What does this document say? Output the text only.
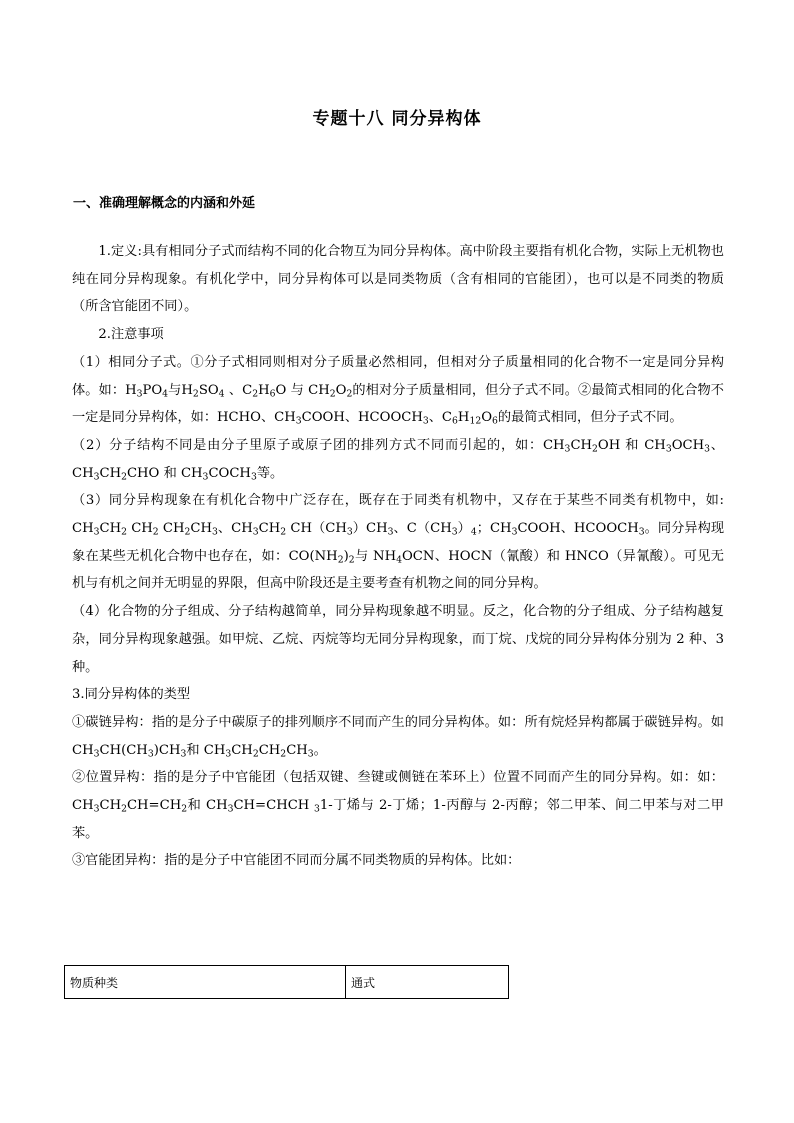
专题十八 同分异构体
一、准确理解概念的内涵和外延

1.定义:具有相同分子式而结构不同的化合物互为同分异构体。高中阶段主要指有机化合物，实际上无机物也纯在同分异构现象。有机化学中，同分异构体可以是同类物质（含有相同的官能团），也可以是不同类的物质（所含官能团不同）。

2.注意事项

（1）相同分子式。①分子式相同则相对分子质量必然相同，但相对分子质量相同的化合物不一定是同分异构体。如：$H_3PO_4$与$H_2SO_4$ 、$C_2H_6O$ 与 $CH_2O_2$的相对分子质量相同，但分子式不同。②最简式相同的化合物不一定是同分异构体，如：HCHO、$CH_3COOH$、$HCOOCH_3$、$C_6H_{12}O_6$的最简式相同，但分子式不同。

（2）分子结构不同是由分子里原子或原子团的排列方式不同而引起的，如：$CH_3CH_2OH$ 和 $CH_3OCH_3$、$CH_3CH_2CHO$ 和 $CH_3COCH_3$等。

（3）同分异构现象在有机化合物中广泛存在，既存在于同类有机物中，又存在于某些不同类有机物中，如: $CH_3CH_2$ $CH_2$ $CH_2CH_3$、$CH_3CH_2$ $CH(CH_3)CH_3$、$C(CH_3)_4$；$CH_3COOH$、$HCOOCH_3$。同分异构现象在某些无机化合物中也存在，如：$CO(NH_2)_2$与 $NH_4OCN$、HOCN（氰酸）和 HNCO（异氰酸）。可见无机与有机之间并无明显的界限，但高中阶段还是主要考查有机物之间的同分异构。

（4）化合物的分子组成、分子结构越简单，同分异构现象越不明显。反之，化合物的分子组成、分子结构越复杂，同分异构现象越强。如甲烷、乙烷、丙烷等均无同分异构现象，而丁烷、戊烷的同分异构体分别为 2 种、3 种。

3.同分异构体的类型

①碳链异构：指的是分子中碳原子的排列顺序不同而产生的同分异构体。如：所有烷烃异构都属于碳链异构。如 $CH_3CH(CH_3)CH_3$和 $CH_3CH_2CH_2CH_3$。

②位置异构：指的是分子中官能团（包括双键、叁键或侧链在苯环上）位置不同而产生的同分异构。如：如：$CH_3CH_2CH=CH_2$和 $CH_3CH=CHCH$ $_3$1-丁烯与 2-丁烯；1-丙醇与 2-丙醇；邻二甲苯、间二甲苯与对二甲苯。

③官能团异构：指的是分子中官能团不同而分属不同类物质的异构体。比如：

物质种类	通式
